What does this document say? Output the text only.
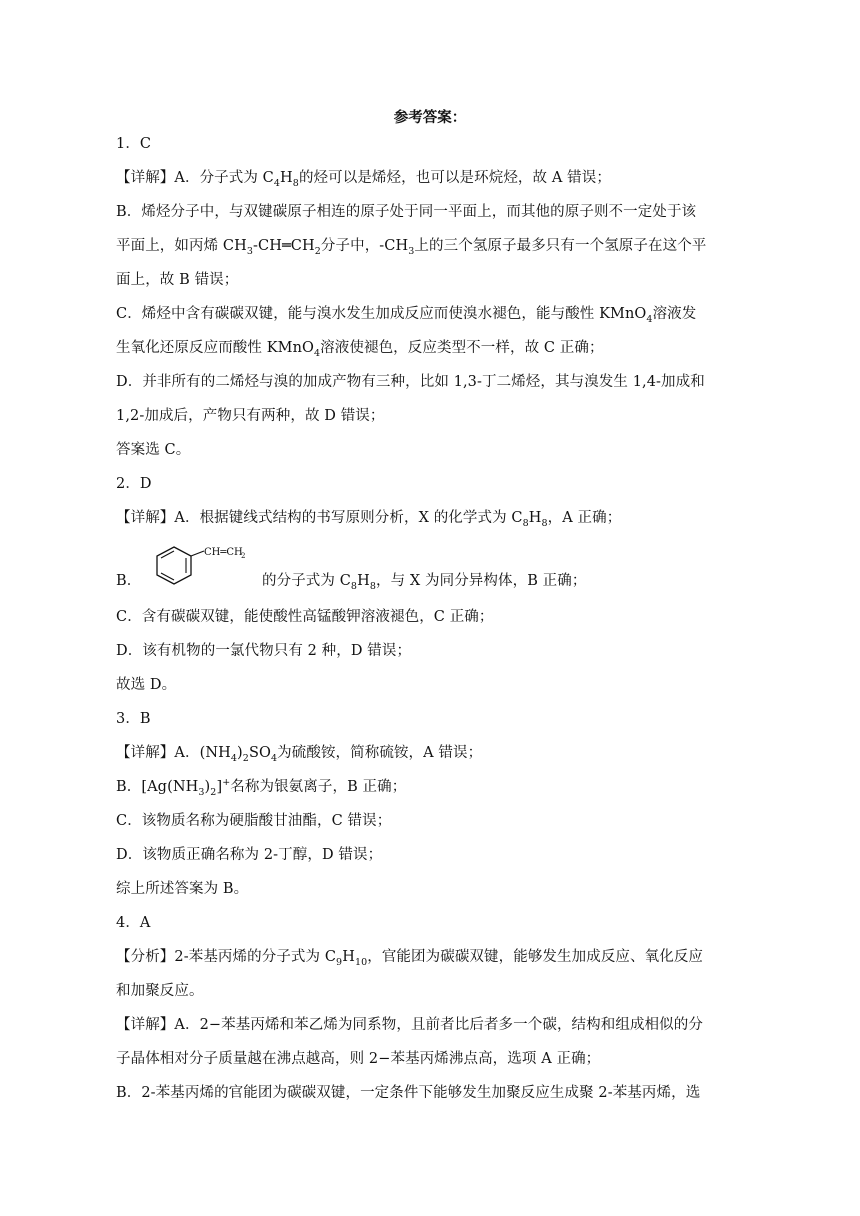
参考答案：
1．C
【详解】A．分子式为 $C_4H_8$的烃可以是烯烃，也可以是环烷烃，故 A 错误；
B．烯烃分子中，与双键碳原子相连的原子处于同一平面上，而其他的原子则不一定处于该
平面上，如丙烯 $CH_3-CH═CH_2$分子中，$-CH_3$上的三个氢原子最多只有一个氢原子在这个平
面上，故 B 错误；
C．烯烃中含有碳碳双键，能与溴水发生加成反应而使溴水褪色，能与酸性 KMnO$_4$溶液发
生氧化还原反应而酸性 KMnO$_4$溶液使褪色，反应类型不一样，故 C 正确；
D．并非所有的二烯烃与溴的加成产物有三种，比如 1,3-丁二烯烃，其与溴发生 1,4-加成和
1,2-加成后，产物只有两种，故 D 错误；
答案选 C。
2．D
【详解】A．根据键线式结构的书写原则分析，X 的化学式为 $C_8H_8$，A 正确；
B．
CH═CH
2
的分子式为 $C_8H_8$，与 X 为同分异构体，B 正确；
C．含有碳碳双键，能使酸性高锰酸钾溶液褪色，C 正确；
D．该有机物的一氯代物只有 2 种，D 错误；
故选 D。
3．B
【详解】A．$(NH_4)_2SO_4$为硫酸铵，简称硫铵，A 错误；
B．$[Ag(NH_3)_2]^+$名称为银氨离子，B 正确；
C．该物质名称为硬脂酸甘油酯，C 错误；
D．该物质正确名称为 2-丁醇，D 错误；
综上所述答案为 B。
4．A
【分析】2-苯基丙烯的分子式为 $C_9H_{10}$，官能团为碳碳双键，能够发生加成反应、氧化反应
和加聚反应。
【详解】A．2−苯基丙烯和苯乙烯为同系物，且前者比后者多一个碳，结构和组成相似的分
子晶体相对分子质量越在沸点越高，则 2−苯基丙烯沸点高，选项 A 正确；
B．2-苯基丙烯的官能团为碳碳双键，一定条件下能够发生加聚反应生成聚 2-苯基丙烯，选
